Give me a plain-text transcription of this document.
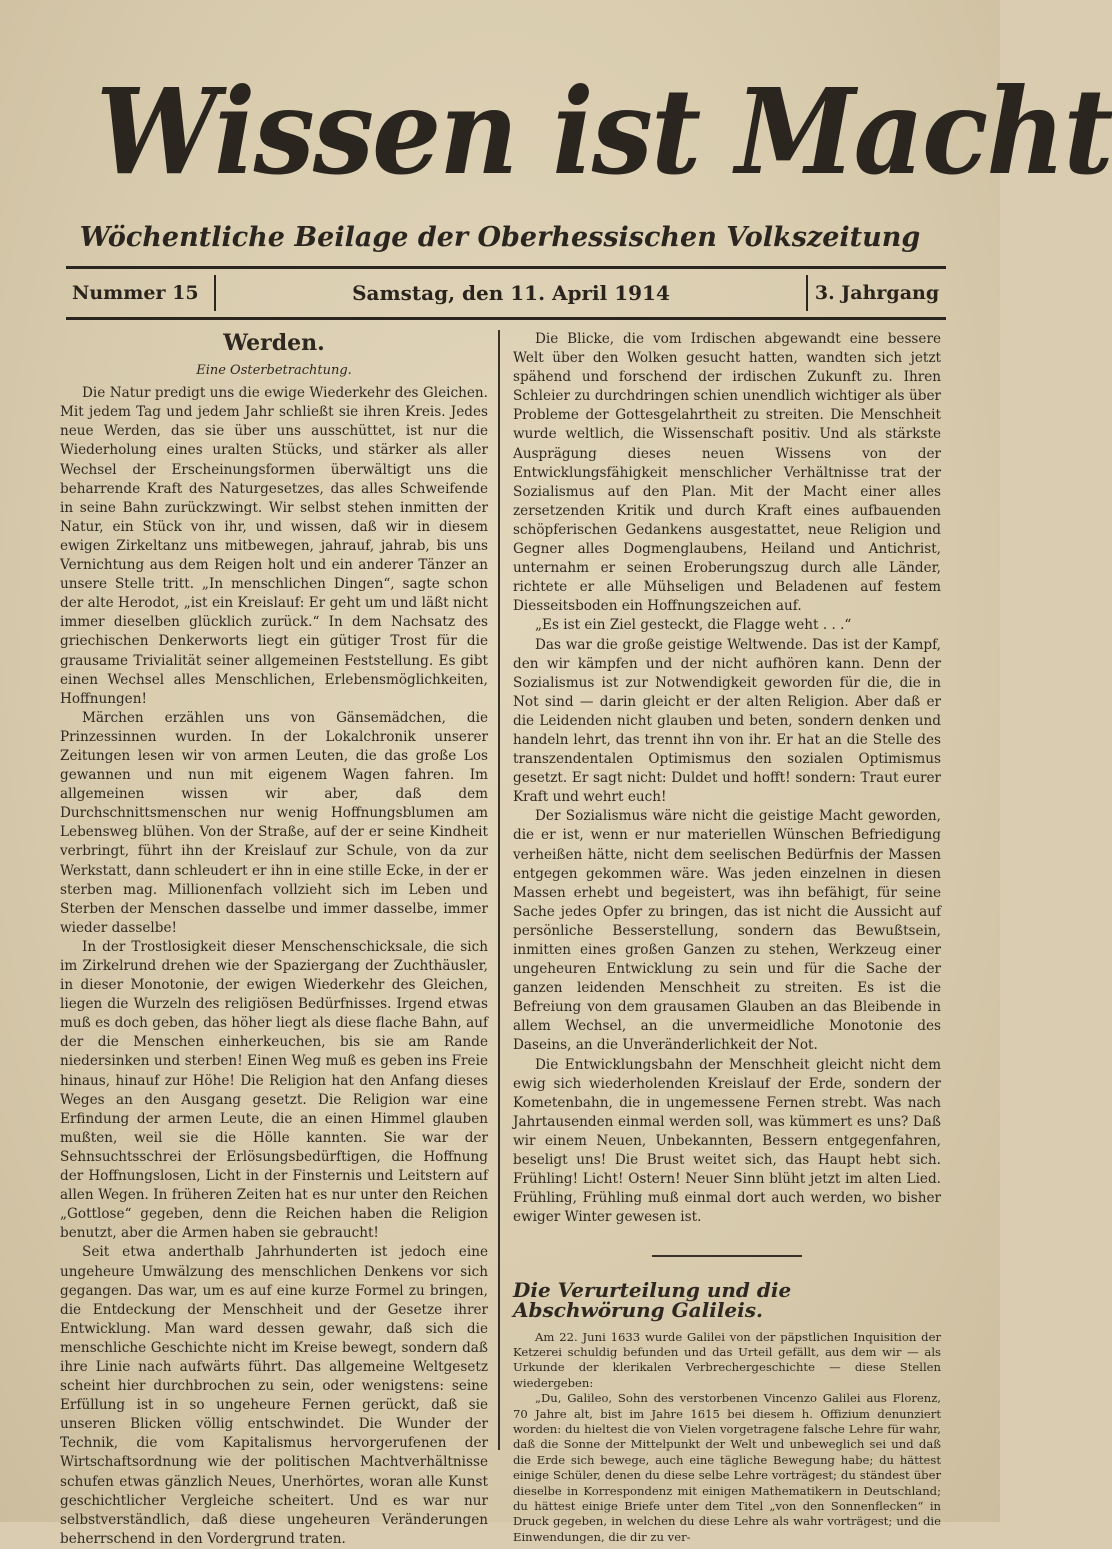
Wissen ist Macht
Wöchentliche Beilage der Oberhessischen Volkszeitung
Nummer 15	Samstag, den 11. April 1914	3. Jahrgang
Werden.

Eine Osterbetrachtung.

Die Natur predigt uns die ewige Wiederkehr des Gleichen. Mit jedem Tag und jedem Jahr schließt sie ihren Kreis. Jedes neue Werden, das sie über uns ausschüttet, ist nur die Wiederholung eines uralten Stücks, und stärker als aller Wechsel der Erscheinungsformen überwältigt uns die beharrende Kraft des Naturgesetzes, das alles Schweifende in seine Bahn zurückzwingt. Wir selbst stehen inmitten der Natur, ein Stück von ihr, und wissen, daß wir in diesem ewigen Zirkeltanz uns mitbewegen, jahrauf, jahrab, bis uns Vernichtung aus dem Reigen holt und ein anderer Tänzer an unsere Stelle tritt. „In menschlichen Dingen“, sagte schon der alte Herodot, „ist ein Kreislauf: Er geht um und läßt nicht immer dieselben glücklich zurück.“ In dem Nachsatz des griechischen Denkerworts liegt ein gütiger Trost für die grausame Trivialität seiner allgemeinen Feststellung. Es gibt einen Wechsel alles Menschlichen, Erlebensmöglichkeiten, Hoffnungen!

Märchen erzählen uns von Gänsemädchen, die Prinzessinnen wurden. In der Lokalchronik unserer Zeitungen lesen wir von armen Leuten, die das große Los gewannen und nun mit eigenem Wagen fahren. Im allgemeinen wissen wir aber, daß dem Durchschnittsmenschen nur wenig Hoffnungsblumen am Lebensweg blühen. Von der Straße, auf der er seine Kindheit verbringt, führt ihn der Kreislauf zur Schule, von da zur Werkstatt, dann schleudert er ihn in eine stille Ecke, in der er sterben mag. Millionenfach vollzieht sich im Leben und Sterben der Menschen dasselbe und immer dasselbe, immer wieder dasselbe!

In der Trostlosigkeit dieser Menschenschicksale, die sich im Zirkelrund drehen wie der Spaziergang der Zuchthäusler, in dieser Monotonie, der ewigen Wiederkehr des Gleichen, liegen die Wurzeln des religiösen Bedürfnisses. Irgend etwas muß es doch geben, das höher liegt als diese flache Bahn, auf der die Menschen einherkeuchen, bis sie am Rande niedersinken und sterben! Einen Weg muß es geben ins Freie hinaus, hinauf zur Höhe! Die Religion hat den Anfang dieses Weges an den Ausgang gesetzt. Die Religion war eine Erfindung der armen Leute, die an einen Himmel glauben mußten, weil sie die Hölle kannten. Sie war der Sehnsuchtsschrei der Erlösungsbedürftigen, die Hoffnung der Hoffnungslosen, Licht in der Finsternis und Leitstern auf allen Wegen. In früheren Zeiten hat es nur unter den Reichen „Gottlose“ gegeben, denn die Reichen haben die Religion benutzt, aber die Armen haben sie gebraucht!

Seit etwa anderthalb Jahrhunderten ist jedoch eine ungeheure Umwälzung des menschlichen Denkens vor sich gegangen. Das war, um es auf eine kurze Formel zu bringen, die Entdeckung der Menschheit und der Gesetze ihrer Entwicklung. Man ward dessen gewahr, daß sich die menschliche Geschichte nicht im Kreise bewegt, sondern daß ihre Linie nach aufwärts führt. Das allgemeine Weltgesetz scheint hier durchbrochen zu sein, oder wenigstens: seine Erfüllung ist in so ungeheure Fernen gerückt, daß sie unseren Blicken völlig entschwindet. Die Wunder der Technik, die vom Kapitalismus hervorgerufenen der Wirtschaftsordnung wie der politischen Machtverhältnisse schufen etwas gänzlich Neues, Unerhörtes, woran alle Kunst geschichtlicher Vergleiche scheitert. Und es war nur selbstverständlich, daß diese ungeheuren Veränderungen beherrschend in den Vordergrund traten.

Die Blicke, die vom Irdischen abgewandt eine bessere Welt über den Wolken gesucht hatten, wandten sich jetzt spähend und forschend der irdischen Zukunft zu. Ihren Schleier zu durchdringen schien unendlich wichtiger als über Probleme der Gottesgelahrtheit zu streiten. Die Menschheit wurde weltlich, die Wissenschaft positiv. Und als stärkste Ausprägung dieses neuen Wissens von der Entwicklungsfähigkeit menschlicher Verhältnisse trat der Sozialismus auf den Plan. Mit der Macht einer alles zersetzenden Kritik und durch Kraft eines aufbauenden schöpferischen Gedankens ausgestattet, neue Religion und Gegner alles Dogmenglaubens, Heiland und Antichrist, unternahm er seinen Eroberungszug durch alle Länder, richtete er alle Mühseligen und Beladenen auf festem Diesseitsboden ein Hoffnungszeichen auf.

„Es ist ein Ziel gesteckt, die Flagge weht . . .“

Das war die große geistige Weltwende. Das ist der Kampf, den wir kämpfen und der nicht aufhören kann. Denn der Sozialismus ist zur Notwendigkeit geworden für die, die in Not sind — darin gleicht er der alten Religion. Aber daß er die Leidenden nicht glauben und beten, sondern denken und handeln lehrt, das trennt ihn von ihr. Er hat an die Stelle des transzendentalen Optimismus den sozialen Optimismus gesetzt. Er sagt nicht: Duldet und hofft! sondern: Traut eurer Kraft und wehrt euch!

Der Sozialismus wäre nicht die geistige Macht geworden, die er ist, wenn er nur materiellen Wünschen Befriedigung verheißen hätte, nicht dem seelischen Bedürfnis der Massen entgegen gekommen wäre. Was jeden einzelnen in diesen Massen erhebt und begeistert, was ihn befähigt, für seine Sache jedes Opfer zu bringen, das ist nicht die Aussicht auf persönliche Besserstellung, sondern das Bewußtsein, inmitten eines großen Ganzen zu stehen, Werkzeug einer ungeheuren Entwicklung zu sein und für die Sache der ganzen leidenden Menschheit zu streiten. Es ist die Befreiung von dem grausamen Glauben an das Bleibende in allem Wechsel, an die unvermeidliche Monotonie des Daseins, an die Unveränderlichkeit der Not.

Die Entwicklungsbahn der Menschheit gleicht nicht dem ewig sich wiederholenden Kreislauf der Erde, sondern der Kometenbahn, die in ungemessene Fernen strebt. Was nach Jahrtausenden einmal werden soll, was kümmert es uns? Daß wir einem Neuen, Unbekannten, Bessern entgegenfahren, beseligt uns! Die Brust weitet sich, das Haupt hebt sich. Frühling! Licht! Ostern! Neuer Sinn blüht jetzt im alten Lied. Frühling, Frühling muß einmal dort auch werden, wo bisher ewiger Winter gewesen ist.

Die Verurteilung und die Abschwörung Galileis.

Am 22. Juni 1633 wurde Galilei von der päpstlichen Inquisition der Ketzerei schuldig befunden und das Urteil gefällt, aus dem wir — als Urkunde der klerikalen Verbrechergeschichte — diese Stellen wiedergeben:

„Du, Galileo, Sohn des verstorbenen Vincenzo Galilei aus Florenz, 70 Jahre alt, bist im Jahre 1615 bei diesem h. Offizium denunziert worden: du hieltest die von Vielen vorgetragene falsche Lehre für wahr, daß die Sonne der Mittelpunkt der Welt und unbeweglich sei und daß die Erde sich bewege, auch eine tägliche Bewegung habe; du hättest einige Schüler, denen du diese selbe Lehre vorträgest; du ständest über dieselbe in Korrespondenz mit einigen Mathematikern in Deutschland; du hättest einige Briefe unter dem Titel „von den Sonnenflecken“ in Druck gegeben, in welchen du diese Lehre als wahr vorträgest; und die Einwendungen, die dir zu ver-
